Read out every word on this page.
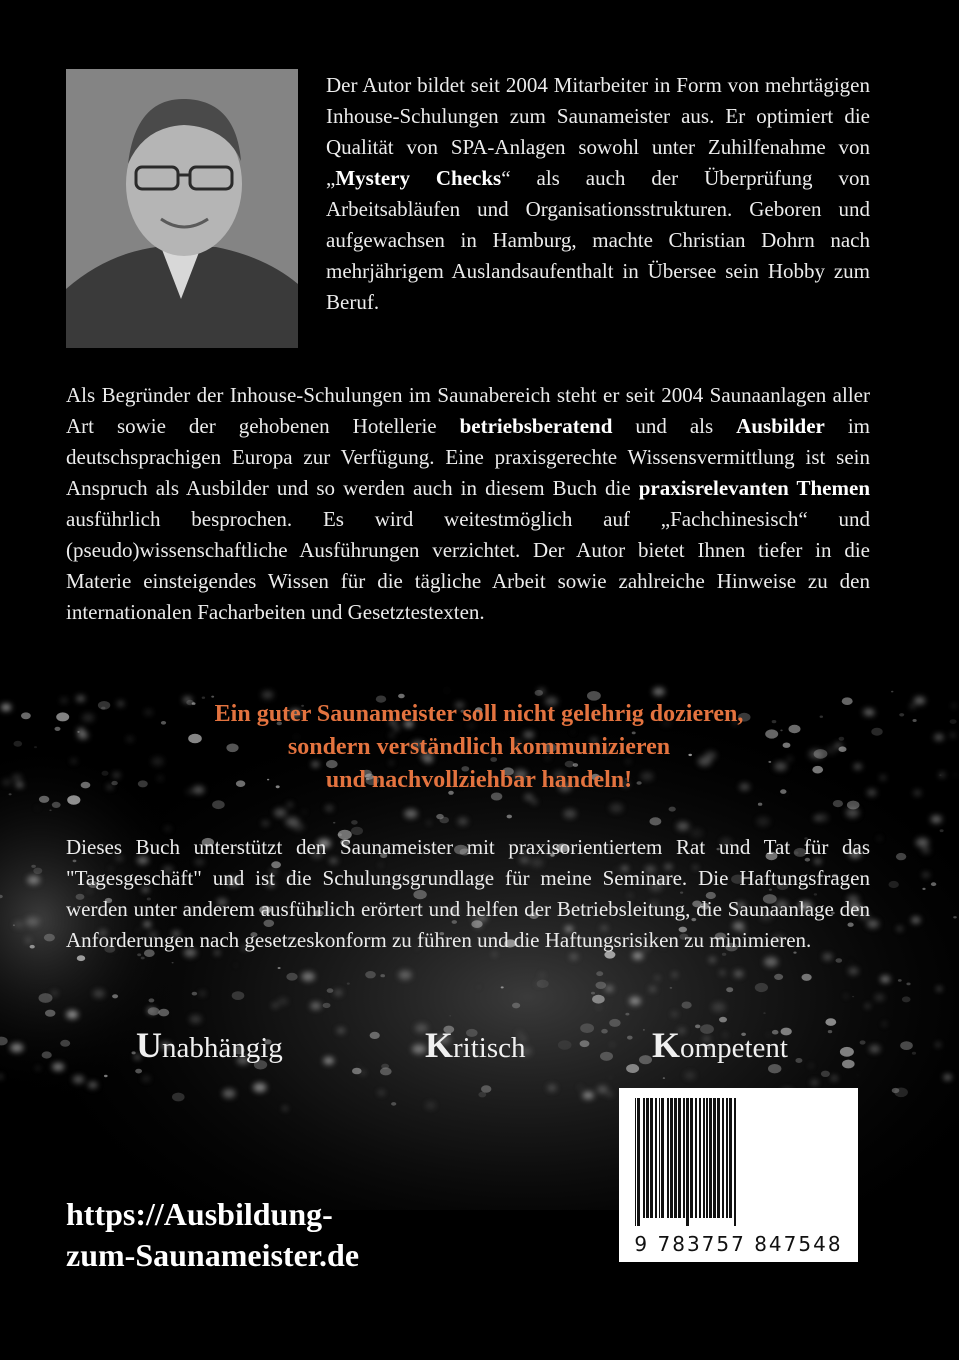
Der Autor bildet seit 2004 Mitarbeiter in Form von mehrtägigen Inhouse-Schulungen zum Saunameister aus. Er optimiert die Qualität von SPA-Anlagen sowohl unter Zuhilfenahme von „Mystery Checks“ als auch der Überprüfung von Arbeitsabläufen und Organisationsstrukturen. Geboren und aufgewachsen in Hamburg, machte Christian Dohrn nach mehrjährigem Auslandsaufenthalt in Übersee sein Hobby zum Beruf.
Als Begründer der Inhouse-Schulungen im Saunabereich steht er seit 2004 Saunaanlagen aller Art sowie der gehobenen Hotellerie betriebsberatend und als Ausbilder im deutschsprachigen Europa zur Verfügung. Eine praxisgerechte Wissensvermittlung ist sein Anspruch als Ausbilder und so werden auch in diesem Buch die praxisrelevanten Themen ausführlich besprochen. Es wird weitestmöglich auf „Fachchinesisch“ und (pseudo)wissenschaftliche Ausführungen verzichtet. Der Autor bietet Ihnen tiefer in die Materie einsteigendes Wissen für die tägliche Arbeit sowie zahlreiche Hinweise zu den internationalen Facharbeiten und Gesetztestexten.
Ein guter Saunameister soll nicht gelehrig dozieren,
sondern verständlich kommunizieren
und nachvollziehbar handeln!
Dieses Buch unterstützt den Saunameister mit praxisorientiertem Rat und Tat für das "Tagesgeschäft" und ist die Schulungsgrundlage für meine Seminare. Die Haftungsfragen werden unter anderem ausführlich erörtert und helfen der Betriebsleitung, die Saunaanlage den Anforderungen nach gesetzeskonform zu führen und die Haftungsrisiken zu minimieren.
Unabhängig	Kritisch	Kompetent
https://Ausbildung-
zum-Saunameister.de	9 783757 847548
